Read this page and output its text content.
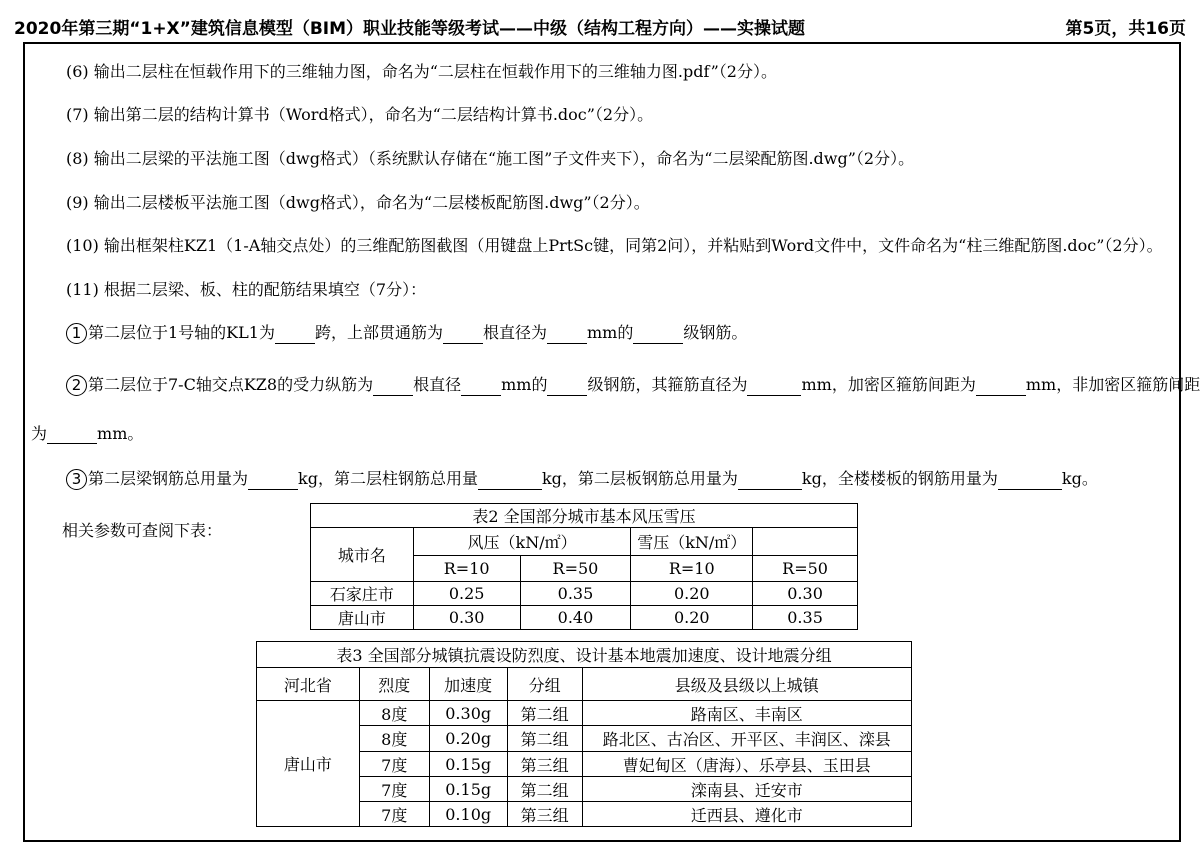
2020年第三期“1+X”建筑信息模型（BIM）职业技能等级考试——中级（结构工程方向）——实操试题	第5页，共16页
(6) 输出二层柱在恒载作用下的三维轴力图，命名为“二层柱在恒载作用下的三维轴力图.pdf”（2分）。
(7) 输出第二层的结构计算书（Word格式），命名为“二层结构计算书.doc”（2分）。
(8) 输出二层梁的平法施工图（dwg格式）（系统默认存储在“施工图”子文件夹下），命名为“二层梁配筋图.dwg”（2分）。
(9) 输出二层楼板平法施工图（dwg格式），命名为“二层楼板配筋图.dwg”（2分）。
(10) 输出框架柱KZ1（1-A轴交点处）的三维配筋图截图（用键盘上PrtSc键，同第2问），并粘贴到Word文件中，文件命名为“柱三维配筋图.doc”（2分）。
(11) 根据二层梁、板、柱的配筋结果填空（7分）：
1 第二层位于1号轴的KL1为	跨，上部贯通筋为	根直径为	mm的	级钢筋。
2 第二层位于7-C轴交点KZ8的受力纵筋为	根直径	mm的	级钢筋，其箍筋直径为	mm，加密区箍筋间距为	mm，非加密区箍筋间距
为	mm。
3 第二层梁钢筋总用量为	kg，第二层柱钢筋总用量	kg，第二层板钢筋总用量为	kg，全楼楼板的钢筋用量为	kg。
相关参数可查阅下表：
表2 全国部分城市基本风压雪压				
城市名	风压（kN/㎡）		雪压（kN/㎡）	
	R=10	R=50	R=10	R=50
石家庄市	0.25	0.35	0.20	0.30
唐山市	0.30	0.40	0.20	0.35
表3 全国部分城镇抗震设防烈度、设计基本地震加速度、设计地震分组				
河北省	烈度	加速度	分组	县级及县级以上城镇
唐山市	8度	0.30g	第二组	路南区、丰南区
	8度	0.20g	第二组	路北区、古冶区、开平区、丰润区、滦县
	7度	0.15g	第三组	曹妃甸区（唐海）、乐亭县、玉田县
	7度	0.15g	第二组	滦南县、迁安市
	7度	0.10g	第三组	迁西县、遵化市
